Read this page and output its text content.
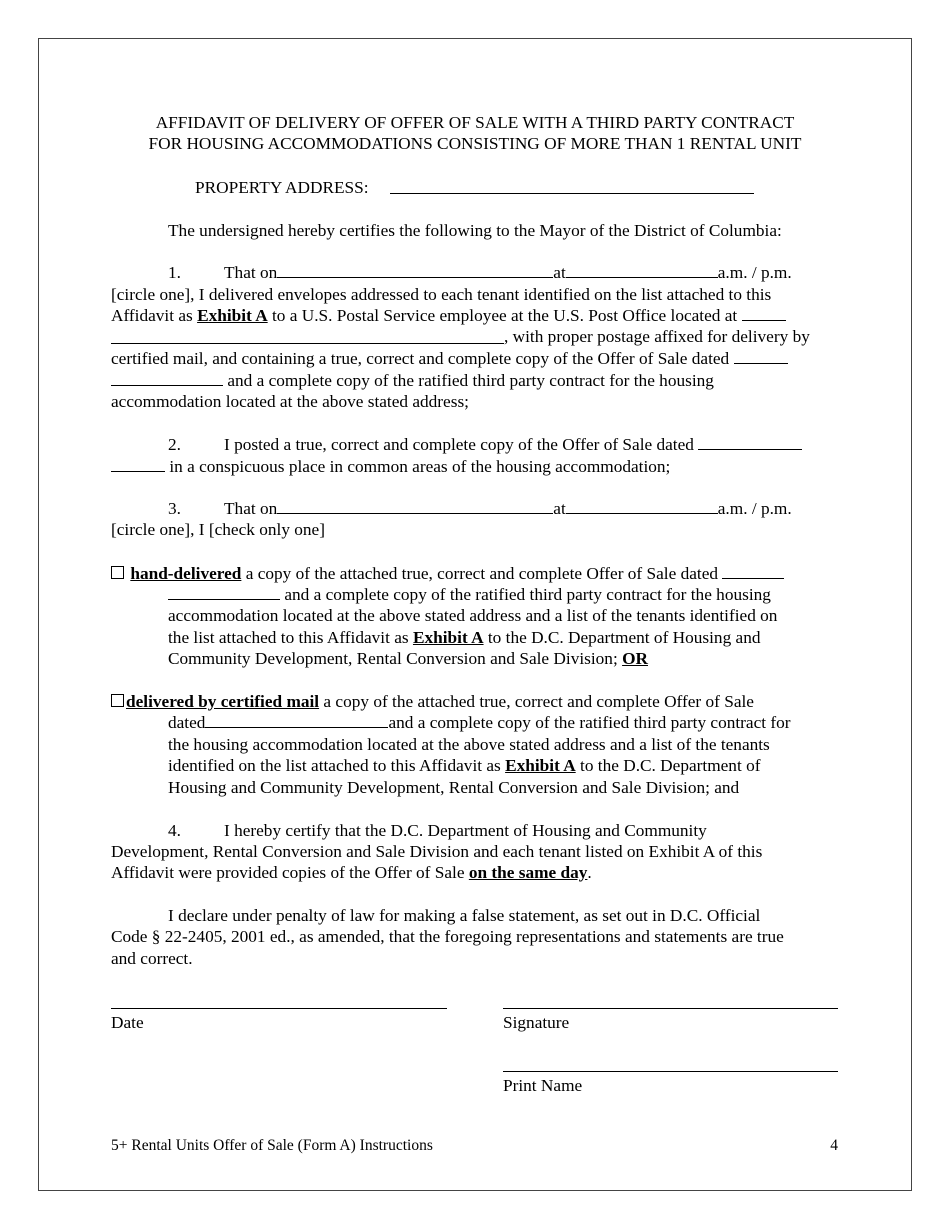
AFFIDAVIT OF DELIVERY OF OFFER OF SALE WITH A THIRD PARTY CONTRACT
FOR HOUSING ACCOMMODATIONS CONSISTING OF MORE THAN 1 RENTAL UNIT
PROPERTY ADDRESS:
The undersigned hereby certifies the following to the Mayor of the District of Columbia:
1. That on	at	a.m. / p.m.
[circle one], I delivered envelopes addressed to each tenant identified on the list attached to this
Affidavit as Exhibit A to a U.S. Postal Service employee at the U.S. Post Office located at
, with proper postage affixed for delivery by
certified mail, and containing a true, correct and complete copy of the Offer of Sale dated
and a complete copy of the ratified third party contract for the housing
accommodation located at the above stated address;
2. I posted a true, correct and complete copy of the Offer of Sale dated
in a conspicuous place in common areas of the housing accommodation;
3. That on	at	a.m. / p.m.
[circle one], I [check only one]
hand-delivered a copy of the attached true, correct and complete Offer of Sale dated
and a complete copy of the ratified third party contract for the housing
accommodation located at the above stated address and a list of the tenants identified on
the list attached to this Affidavit as Exhibit A to the D.C. Department of Housing and
Community Development, Rental Conversion and Sale Division; OR
delivered by certified mail a copy of the attached true, correct and complete Offer of Sale
dated	and a complete copy of the ratified third party contract for
the housing accommodation located at the above stated address and a list of the tenants
identified on the list attached to this Affidavit as Exhibit A to the D.C. Department of
Housing and Community Development, Rental Conversion and Sale Division; and
4. I hereby certify that the D.C. Department of Housing and Community
Development, Rental Conversion and Sale Division and each tenant listed on Exhibit A of this
Affidavit were provided copies of the Offer of Sale on the same day.
I declare under penalty of law for making a false statement, as set out in D.C. Official
Code § 22-2405, 2001 ed., as amended, that the foregoing representations and statements are true
and correct.
Date	Signature
Print Name
5+ Rental Units Offer of Sale (Form A) Instructions	4
